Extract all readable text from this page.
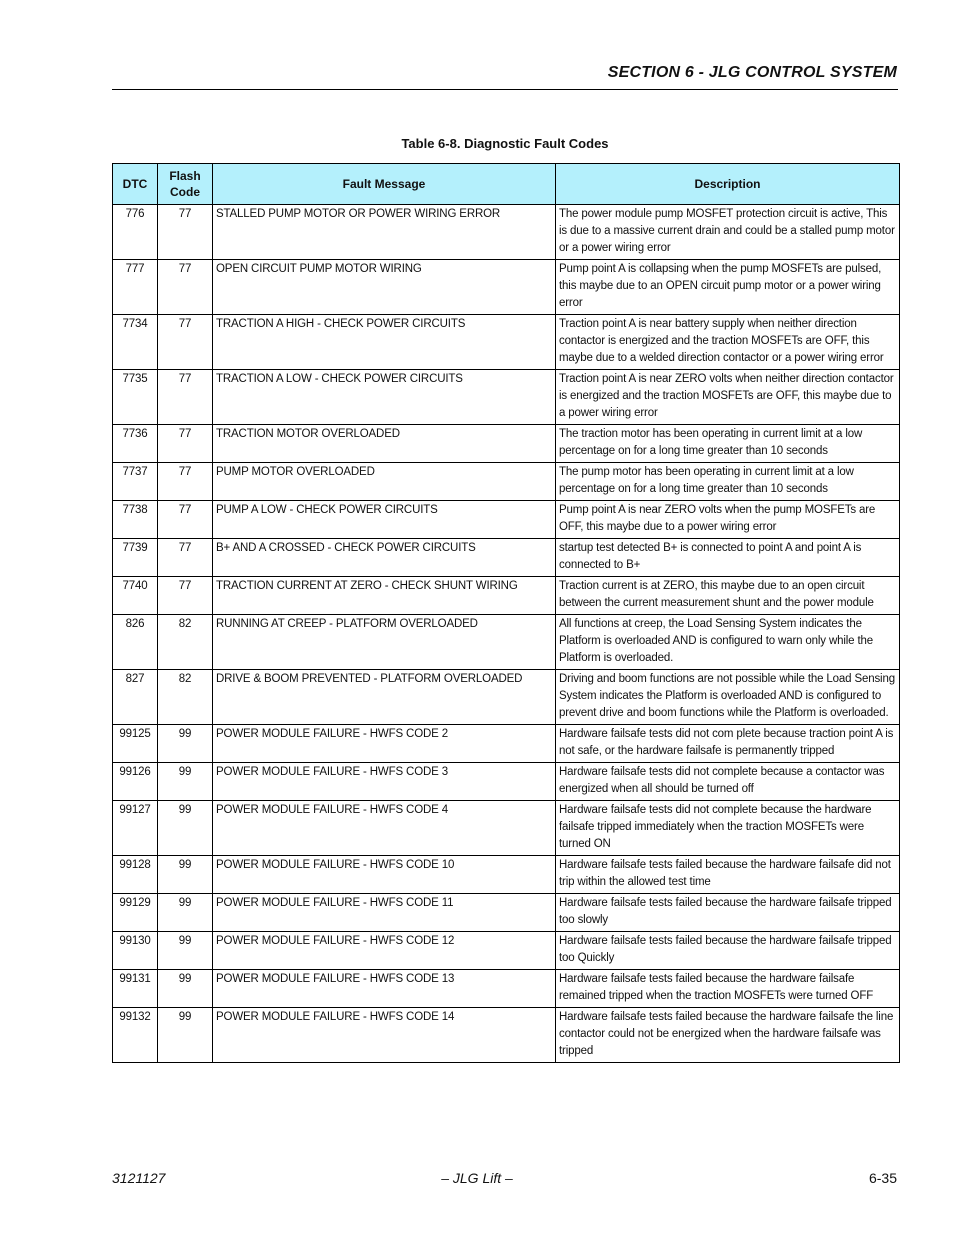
SECTION 6 - JLG CONTROL SYSTEM
Table 6-8. Diagnostic Fault Codes
DTC	Flash Code	Fault Message	Description
776	77	STALLED PUMP MOTOR OR POWER WIRING ERROR	The power module pump MOSFET protection circuit is active, This is due to a massive current drain and could be a stalled pump motor or a power wiring error
777	77	OPEN CIRCUIT PUMP MOTOR WIRING	Pump point A is collapsing when the pump MOSFETs are pulsed, this maybe due to an OPEN circuit pump motor or a power wiring error
7734	77	TRACTION A HIGH - CHECK POWER CIRCUITS	Traction point A is near battery supply when neither direction contactor is energized and the traction MOSFETs are OFF, this maybe due to a welded direction contactor or a power wiring error
7735	77	TRACTION A LOW - CHECK POWER CIRCUITS	Traction point A is near ZERO volts when neither direction contactor is energized and the traction MOSFETs are OFF, this maybe due to a power wiring error
7736	77	TRACTION MOTOR OVERLOADED	The traction motor has been operating in current limit at a low percentage on for a long time greater than 10 seconds
7737	77	PUMP MOTOR OVERLOADED	The pump motor has been operating in current limit at a low percentage on for a long time greater than 10 seconds
7738	77	PUMP A LOW - CHECK POWER CIRCUITS	Pump point A is near ZERO volts when the pump MOSFETs are OFF, this maybe due to a power wiring error
7739	77	B+ AND A CROSSED - CHECK POWER CIRCUITS	startup test detected B+ is connected to point A and point A is connected to B+
7740	77	TRACTION CURRENT AT ZERO - CHECK SHUNT WIRING	Traction current is at ZERO, this maybe due to an open circuit between the current measurement shunt and the power module
826	82	RUNNING AT CREEP - PLATFORM OVERLOADED	All functions at creep, the Load Sensing System indicates the Platform is overloaded AND is configured to warn only while the Platform is overloaded.
827	82	DRIVE & BOOM PREVENTED - PLATFORM OVERLOADED	Driving and boom functions are not possible while the Load Sensing System indicates the Platform is overloaded AND is configured to prevent drive and boom functions while the Platform is overloaded.
99125	99	POWER MODULE FAILURE - HWFS CODE 2	Hardware failsafe tests did not com plete because traction point A is not safe, or the hardware failsafe is permanently tripped
99126	99	POWER MODULE FAILURE - HWFS CODE 3	Hardware failsafe tests did not complete because a contactor was energized when all should be turned off
99127	99	POWER MODULE FAILURE - HWFS CODE 4	Hardware failsafe tests did not complete because the hardware failsafe tripped immediately when the traction MOSFETs were turned ON
99128	99	POWER MODULE FAILURE - HWFS CODE 10	Hardware failsafe tests failed because the hardware failsafe did not trip within the allowed test time
99129	99	POWER MODULE FAILURE - HWFS CODE 11	Hardware failsafe tests failed because the hardware failsafe tripped too slowly
99130	99	POWER MODULE FAILURE - HWFS CODE 12	Hardware failsafe tests failed because the hardware failsafe tripped too Quickly
99131	99	POWER MODULE FAILURE - HWFS CODE 13	Hardware failsafe tests failed because the hardware failsafe remained tripped when the traction MOSFETs were turned OFF
99132	99	POWER MODULE FAILURE - HWFS CODE 14	Hardware failsafe tests failed because the hardware failsafe the line contactor could not be energized when the hardware failsafe was tripped
3121127	– JLG Lift –	6-35
